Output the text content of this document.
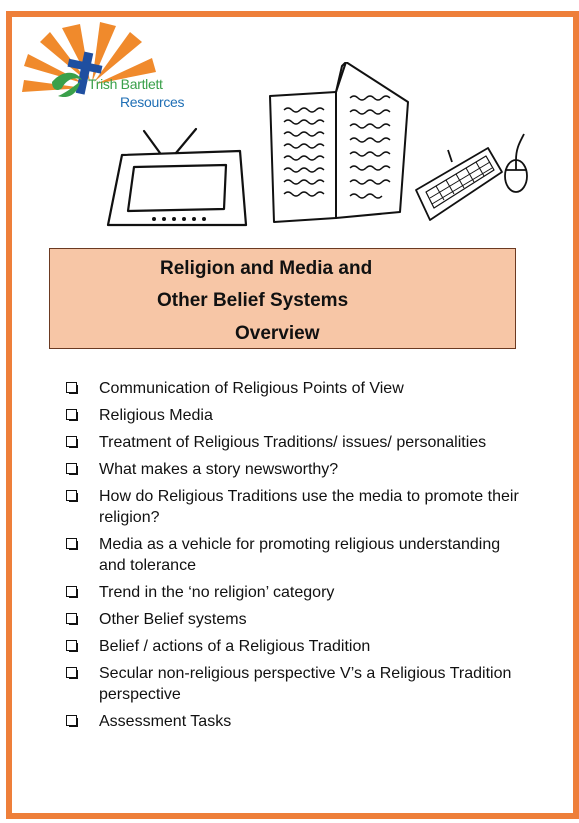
Trish Bartlett
Resources
Religion and Media and
Other Belief Systems
Overview
Communication of Religious Points of View
Religious Media
Treatment of Religious Traditions/ issues/ personalities
What makes a story newsworthy?
How do Religious Traditions use the media to promote their religion?
Media as a vehicle for promoting religious understanding and tolerance
Trend in the ‘no religion’ category
Other Belief systems
Belief / actions of a Religious Tradition
Secular non-religious perspective V’s a Religious Tradition perspective
Assessment Tasks
